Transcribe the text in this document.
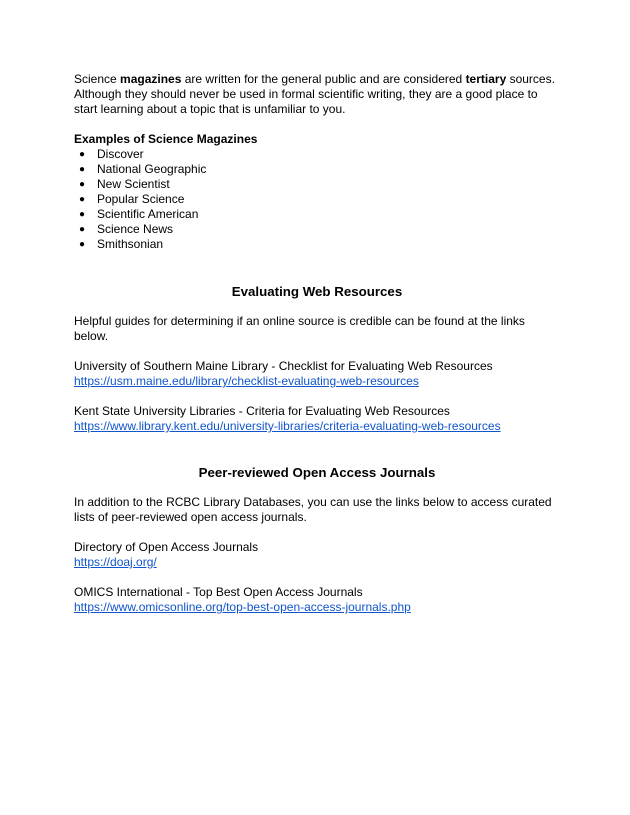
Science magazines are written for the general public and are considered tertiary sources. Although they should never be used in formal scientific writing, they are a good place to start learning about a topic that is unfamiliar to you.

Examples of Science Magazines

● Discover
● National Geographic
● New Scientist
● Popular Science
● Scientific American
● Science News
● Smithsonian

Evaluating Web Resources

Helpful guides for determining if an online source is credible can be found at the links below.

University of Southern Maine Library - Checklist for Evaluating Web Resources

https://usm.maine.edu/library/checklist-evaluating-web-resources

Kent State University Libraries - Criteria for Evaluating Web Resources

https://www.library.kent.edu/university-libraries/criteria-evaluating-web-resources

Peer-reviewed Open Access Journals

In addition to the RCBC Library Databases, you can use the links below to access curated lists of peer-reviewed open access journals.

Directory of Open Access Journals

https://doaj.org/

OMICS International - Top Best Open Access Journals

https://www.omicsonline.org/top-best-open-access-journals.php
